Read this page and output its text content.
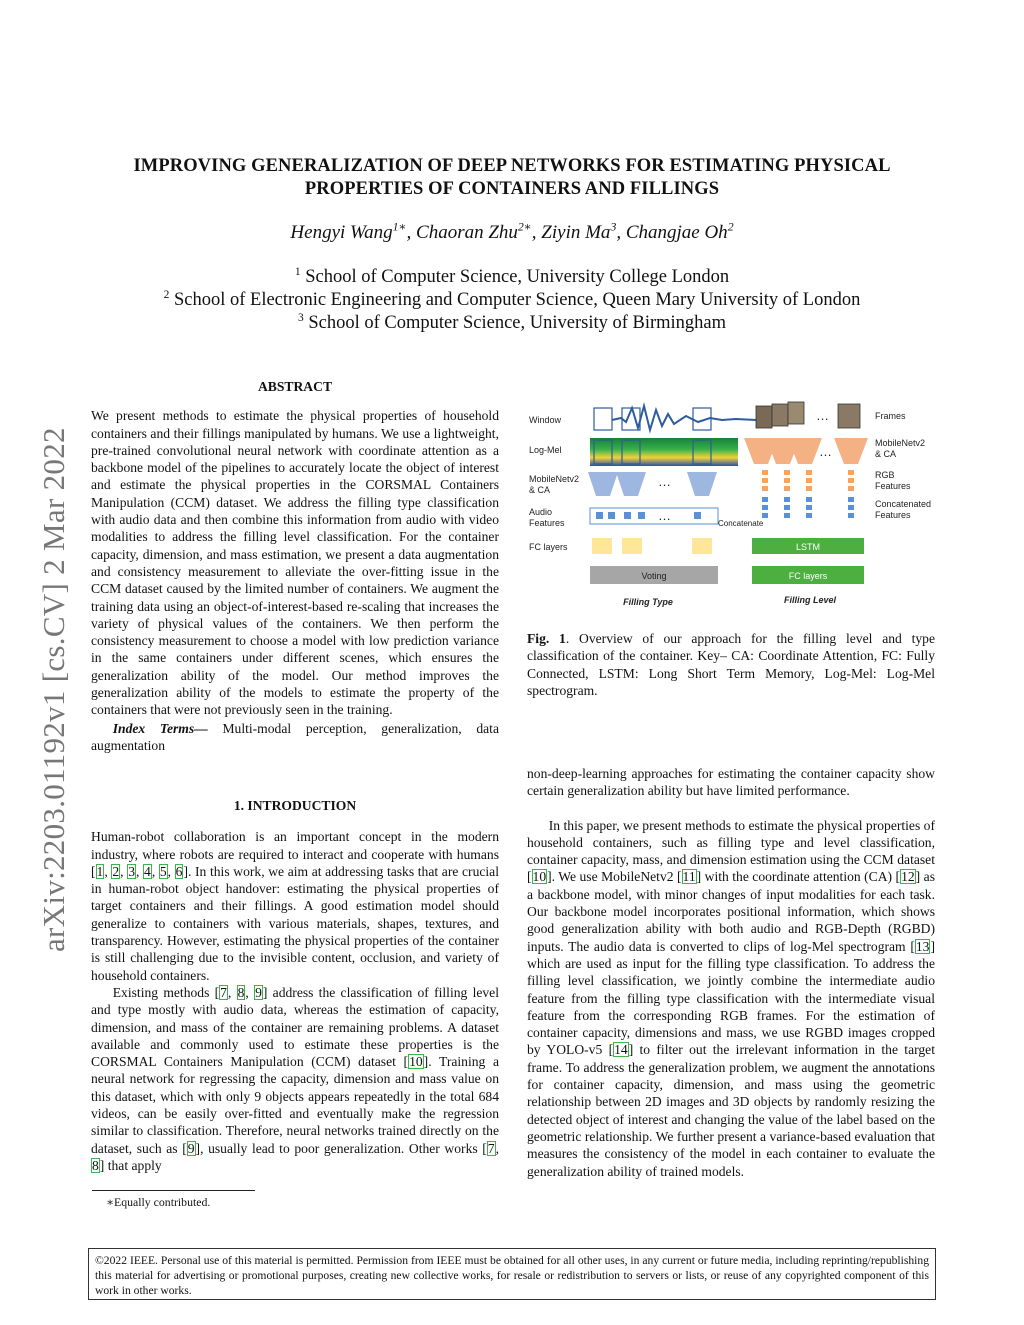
IMPROVING GENERALIZATION OF DEEP NETWORKS FOR ESTIMATING PHYSICAL
PROPERTIES OF CONTAINERS AND FILLINGS
Hengyi Wang$^{1∗}$, Chaoran Zhu$^{2∗}$, Ziyin Ma$^3$, Changjae Oh$^2$
$^1$ School of Computer Science, University College London
$^2$ School of Electronic Engineering and Computer Science, Queen Mary University of London
$^3$ School of Computer Science, University of Birmingham
arXiv:2203.01192v1 [cs.CV] 2 Mar 2022
ABSTRACT

We present methods to estimate the physical properties of household containers and their fillings manipulated by humans. We use a lightweight, pre-trained convolutional neural network with coordinate attention as a backbone model of the pipelines to accurately locate the object of interest and estimate the physical properties in the CORSMAL Containers Manipulation (CCM) dataset. We address the filling type classification with audio data and then combine this information from audio with video modalities to address the filling level classification. For the container capacity, dimension, and mass estimation, we present a data augmentation and consistency measurement to alleviate the over-fitting issue in the CCM dataset caused by the limited number of containers. We augment the training data using an object-of-interest-based re-scaling that increases the variety of physical values of the containers. We then perform the consistency measurement to choose a model with low prediction variance in the same containers under different scenes, which ensures the generalization ability of the model. Our method improves the generalization ability of the models to estimate the property of the containers that were not previously seen in the training.

Index Terms— Multi-modal perception, generalization, data augmentation

1. INTRODUCTION

Human-robot collaboration is an important concept in the modern industry, where robots are required to interact and cooperate with humans [1, 2, 3, 4, 5, 6]. In this work, we aim at addressing tasks that are crucial in human-robot object handover: estimating the physical properties of target containers and their fillings. A good estimation model should generalize to containers with various materials, shapes, textures, and transparency. However, estimating the physical properties of the container is still challenging due to the invisible content, occlusion, and variety of household containers.

Existing methods [7, 8, 9] address the classification of filling level and type mostly with audio data, whereas the estimation of capacity, dimension, and mass of the container are remaining problems. A dataset available and commonly used to estimate these properties is the CORSMAL Containers Manipulation (CCM) dataset [10]. Training a neural network for regressing the capacity, dimension and mass value on this dataset, which with only 9 objects appears repeatedly in the total 684 videos, can be easily over-fitted and eventually make the regression similar to classification. Therefore, neural networks trained directly on the dataset, such as [9], usually lead to poor generalization. Other works [7, 8] that apply

∗Equally contributed.
Window
Log-Mel
MobileNetv2 & CA
Audio Features
FC layers
…
…
Voting
Filling Type
Concatenate
…
…
LSTM
FC layers
Filling Level
Frames
MobileNetv2 & CA
RGB Features
Concatenated Features

Fig. 1. Overview of our approach for the filling level and type classification of the container. Key– CA: Coordinate Attention, FC: Fully Connected, LSTM: Long Short Term Memory, Log-Mel: Log-Mel spectrogram.

non-deep-learning approaches for estimating the container capacity show certain generalization ability but have limited performance.

In this paper, we present methods to estimate the physical properties of household containers, such as filling type and level classification, container capacity, mass, and dimension estimation using the CCM dataset [10]. We use MobileNetv2 [11] with the coordinate attention (CA) [12] as a backbone model, with minor changes of input modalities for each task. Our backbone model incorporates positional information, which shows good generalization ability with both audio and RGB-Depth (RGBD) inputs. The audio data is converted to clips of log-Mel spectrogram [13] which are used as input for the filling type classification. To address the filling level classification, we jointly combine the intermediate audio feature from the filling type classification with the intermediate visual feature from the corresponding RGB frames. For the estimation of container capacity, dimensions and mass, we use RGBD images cropped by YOLO-v5 [14] to filter out the irrelevant information in the target frame. To address the generalization problem, we augment the annotations for container capacity, dimension, and mass using the geometric relationship between 2D images and 3D objects by randomly resizing the detected object of interest and changing the value of the label based on the geometric relationship. We further present a variance-based evaluation that measures the consistency of the model in each container to evaluate the generalization ability of trained models.

©2022 IEEE. Personal use of this material is permitted. Permission from IEEE must be obtained for all other uses, in any current or future media, including reprinting/republishing this material for advertising or promotional purposes, creating new collective works, for resale or redistribution to servers or lists, or reuse of any copyrighted component of this work in other works.
